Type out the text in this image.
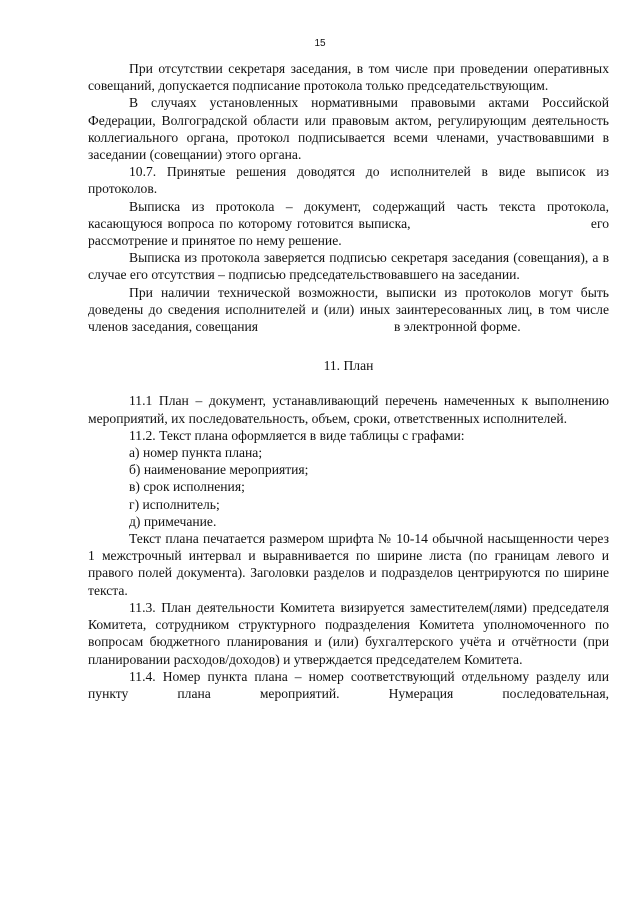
15

При отсутствии секретаря заседания, в том числе при проведении оперативных совещаний, допускается подписание протокола только председательствующим.

В случаях установленных нормативными правовыми актами Российской Федерации, Волгоградской области или правовым актом, регулирующим деятельность коллегиального органа, протокол подписывается всеми членами, участвовавшими в заседании (совещании) этого органа.

10.7. Принятые решения доводятся до исполнителей в виде выписок из протоколов.

Выписка из протокола – документ, содержащий часть текста протокола, касающуюся вопроса по которому готовится выписка,                                    его рассмотрение и принятое по нему решение.

Выписка из протокола заверяется подписью секретаря заседания (совещания), а в случае его отсутствия – подписью председательствовавшего на заседании.

При наличии технической возможности, выписки из протоколов могут быть доведены до сведения исполнителей и (или) иных заинтересованных лиц, в том числе членов заседания, совещания                                        в электронной форме.

11. План

11.1 План – документ, устанавливающий перечень намеченных к выполнению мероприятий, их последовательность, объем, сроки, ответственных исполнителей.

11.2. Текст плана оформляется в виде таблицы с графами:

а) номер пункта плана;

б) наименование мероприятия;

в) срок исполнения;

г) исполнитель;

д) примечание.

Текст плана печатается размером шрифта № 10-14 обычной насыщенности через 1 межстрочный интервал и выравнивается по ширине листа (по границам левого и правого полей документа). Заголовки разделов и подразделов центрируются по ширине текста.

11.3. План деятельности Комитета визируется заместителем(лями) председателя Комитета, сотрудником структурного подразделения Комитета уполномоченного по вопросам бюджетного планирования и (или) бухгалтерского учёта и отчётности (при планировании расходов/доходов) и утверждается председателем Комитета.

11.4. Номер пункта плана – номер соответствующий отдельному разделу или пункту плана мероприятий. Нумерация последовательная,
